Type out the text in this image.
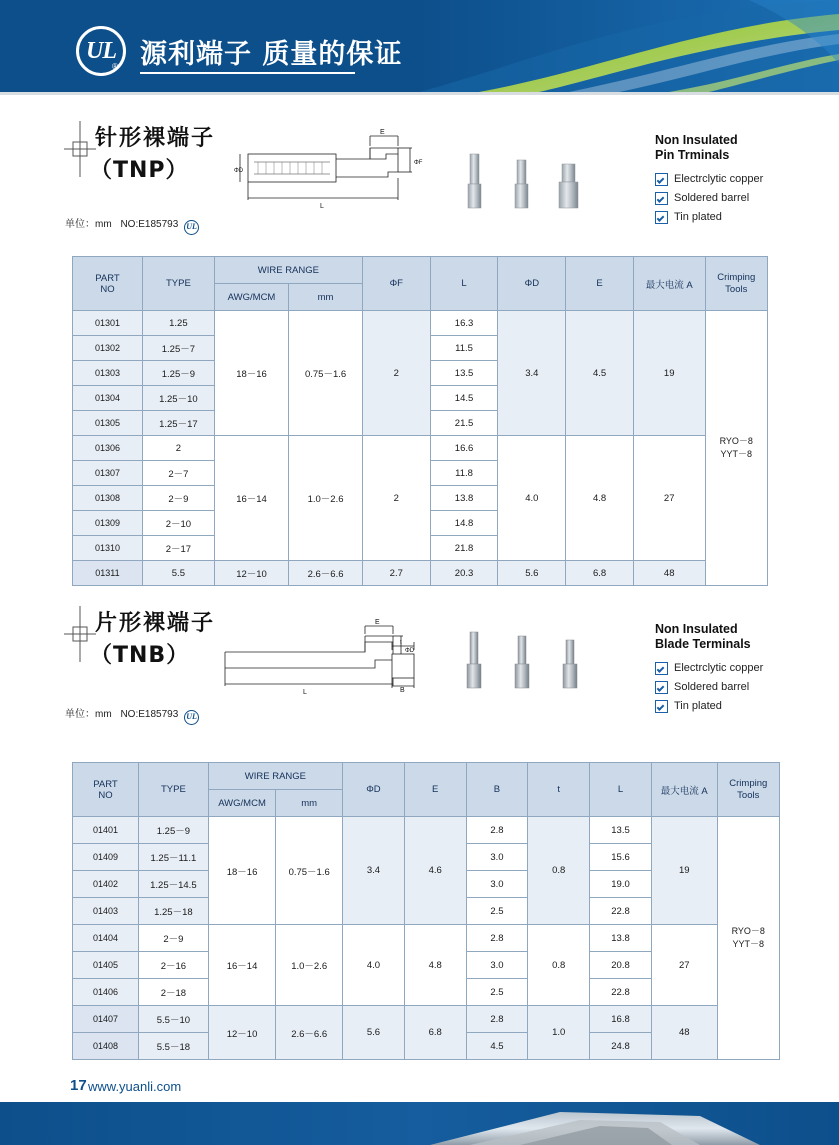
UL
® 源利端子 质量的保证
针形裸端子
（TNP）
单位：mm NO:E185793 UL
E
L
ΦD
ΦF
Non Insulated
Pin Trminals
Electrclytic copper
Soldered barrel
Tin plated
PART
NO	TYPE	WIRE RANGE		ΦF	L	ΦD	E	最大电流 A	Crimping
Tools
		AWG/MCM	mm						
01301	1.25	18－16	0.75－1.6	2	16.3	3.4	4.5	19	RYO－8
YYT－8
01302	1.25－7				11.5				
01303	1.25－9				13.5				
01304	1.25－10				14.5				
01305	1.25－17				21.5				
01306	2	16－14	1.0－2.6	2	16.6	4.0	4.8	27	
01307	2－7				11.8				
01308	2－9				13.8				
01309	2－10				14.8				
01310	2－17				21.8				
01311	5.5	12－10	2.6－6.6	2.7	20.3	5.6	6.8	48	
片形裸端子
（TNB）
单位：mm NO:E185793 UL
E
L
ΦD
t
B
Non Insulated
Blade Terminals
Electrclytic copper
Soldered barrel
Tin plated
PART
NO	TYPE	WIRE RANGE		ΦD	E	B	t	L	最大电流 A	Crimping
Tools
		AWG/MCM	mm							
01401	1.25－9	18－16	0.75－1.6	3.4	4.6	2.8	0.8	13.5	19	RYO－8
YYT－8
01409	1.25－11.1					3.0		15.6		
01402	1.25－14.5					3.0		19.0		
01403	1.25－18					2.5		22.8		
01404	2－9	16－14	1.0－2.6	4.0	4.8	2.8	0.8	13.8	27	
01405	2－16					3.0		20.8		
01406	2－18					2.5		22.8		
01407	5.5－10	12－10	2.6－6.6	5.6	6.8	2.8	1.0	16.8	48	
01408	5.5－18					4.5		24.8		
17 www.yuanli.com
